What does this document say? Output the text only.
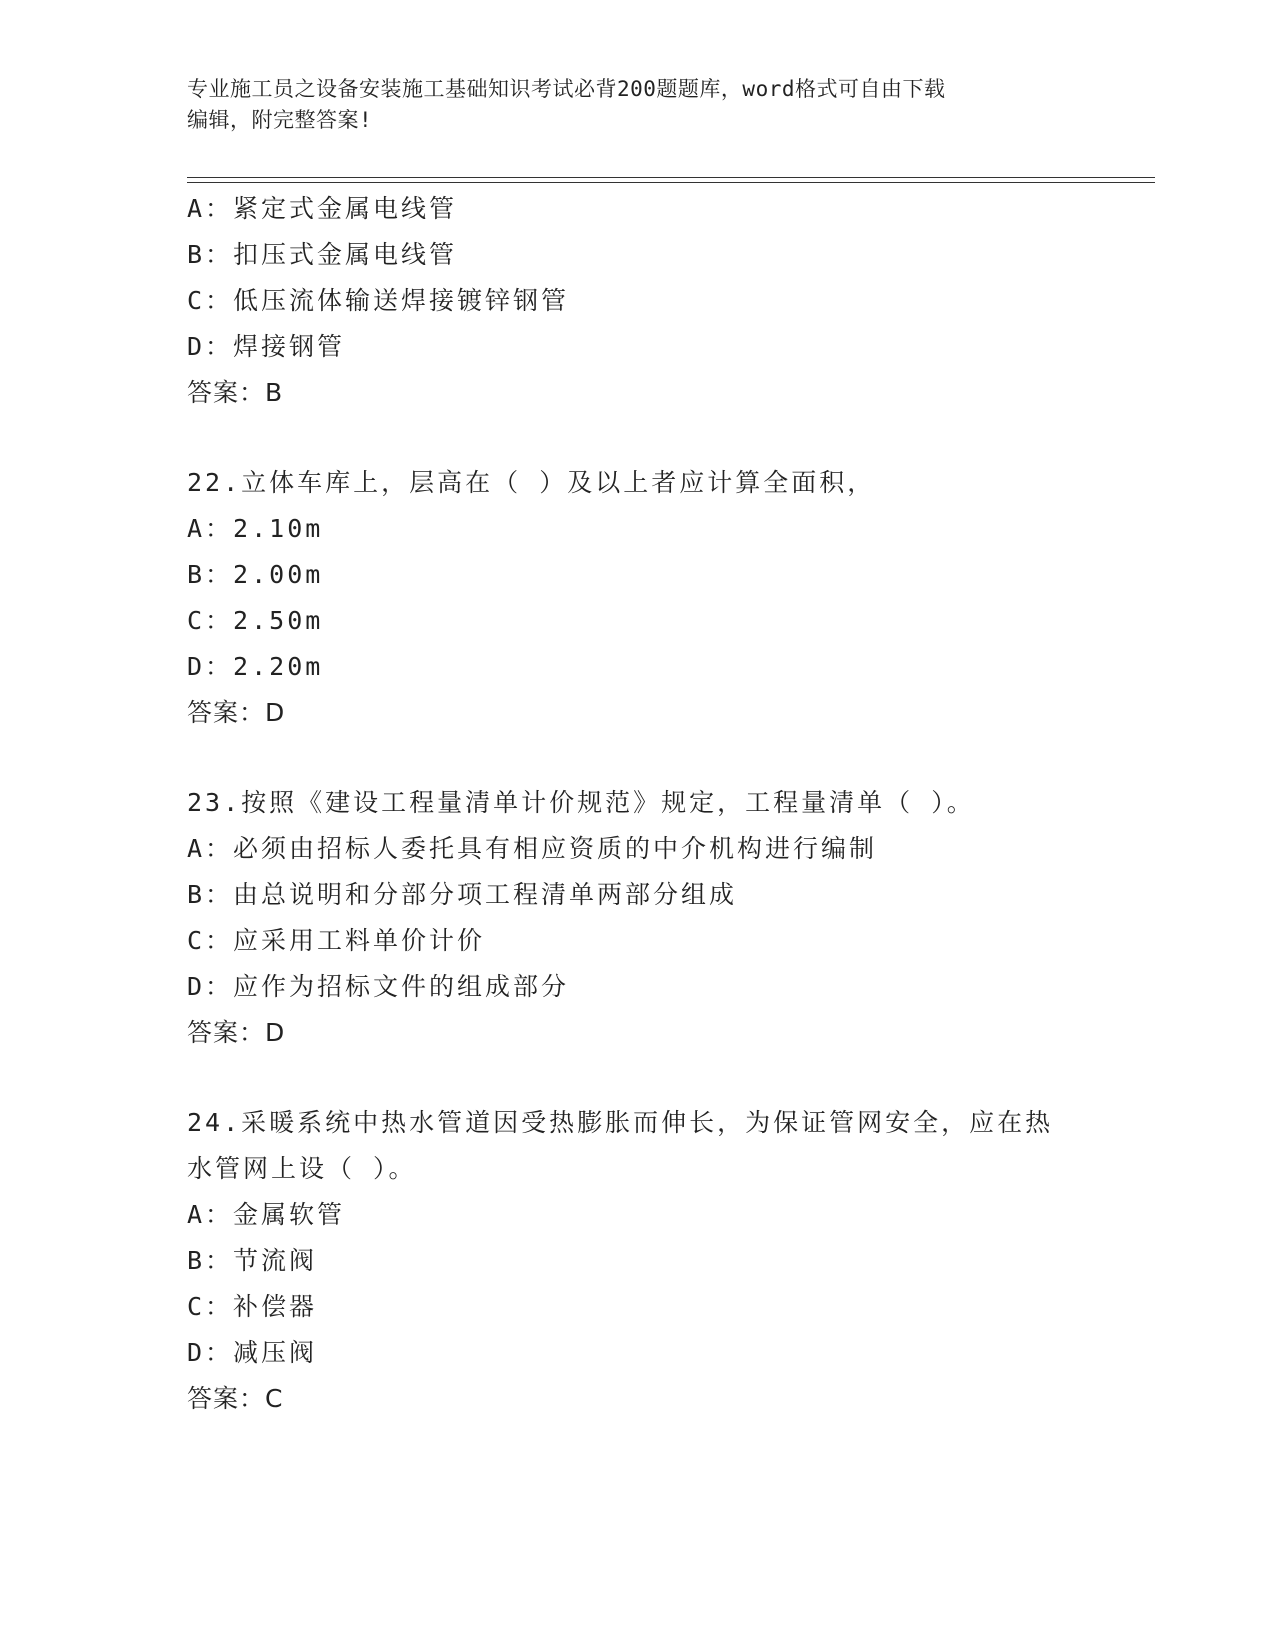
专业施工员之设备安装施工基础知识考试必背200题题库，word格式可自由下载
编辑，附完整答案!
A：紧定式金属电线管
B：扣压式金属电线管
C：低压流体输送焊接镀锌钢管
D：焊接钢管
答案：B
22.立体车库上，层高在（ ）及以上者应计算全面积，
A：2.10m
B：2.00m
C：2.50m
D：2.20m
答案：D
23.按照《建设工程量清单计价规范》规定，工程量清单（ ）。
A：必须由招标人委托具有相应资质的中介机构进行编制
B：由总说明和分部分项工程清单两部分组成
C：应采用工料单价计价
D：应作为招标文件的组成部分
答案：D
24.采暖系统中热水管道因受热膨胀而伸长，为保证管网安全，应在热
水管网上设（ ）。
A：金属软管
B：节流阀
C：补偿器
D：减压阀
答案：C
